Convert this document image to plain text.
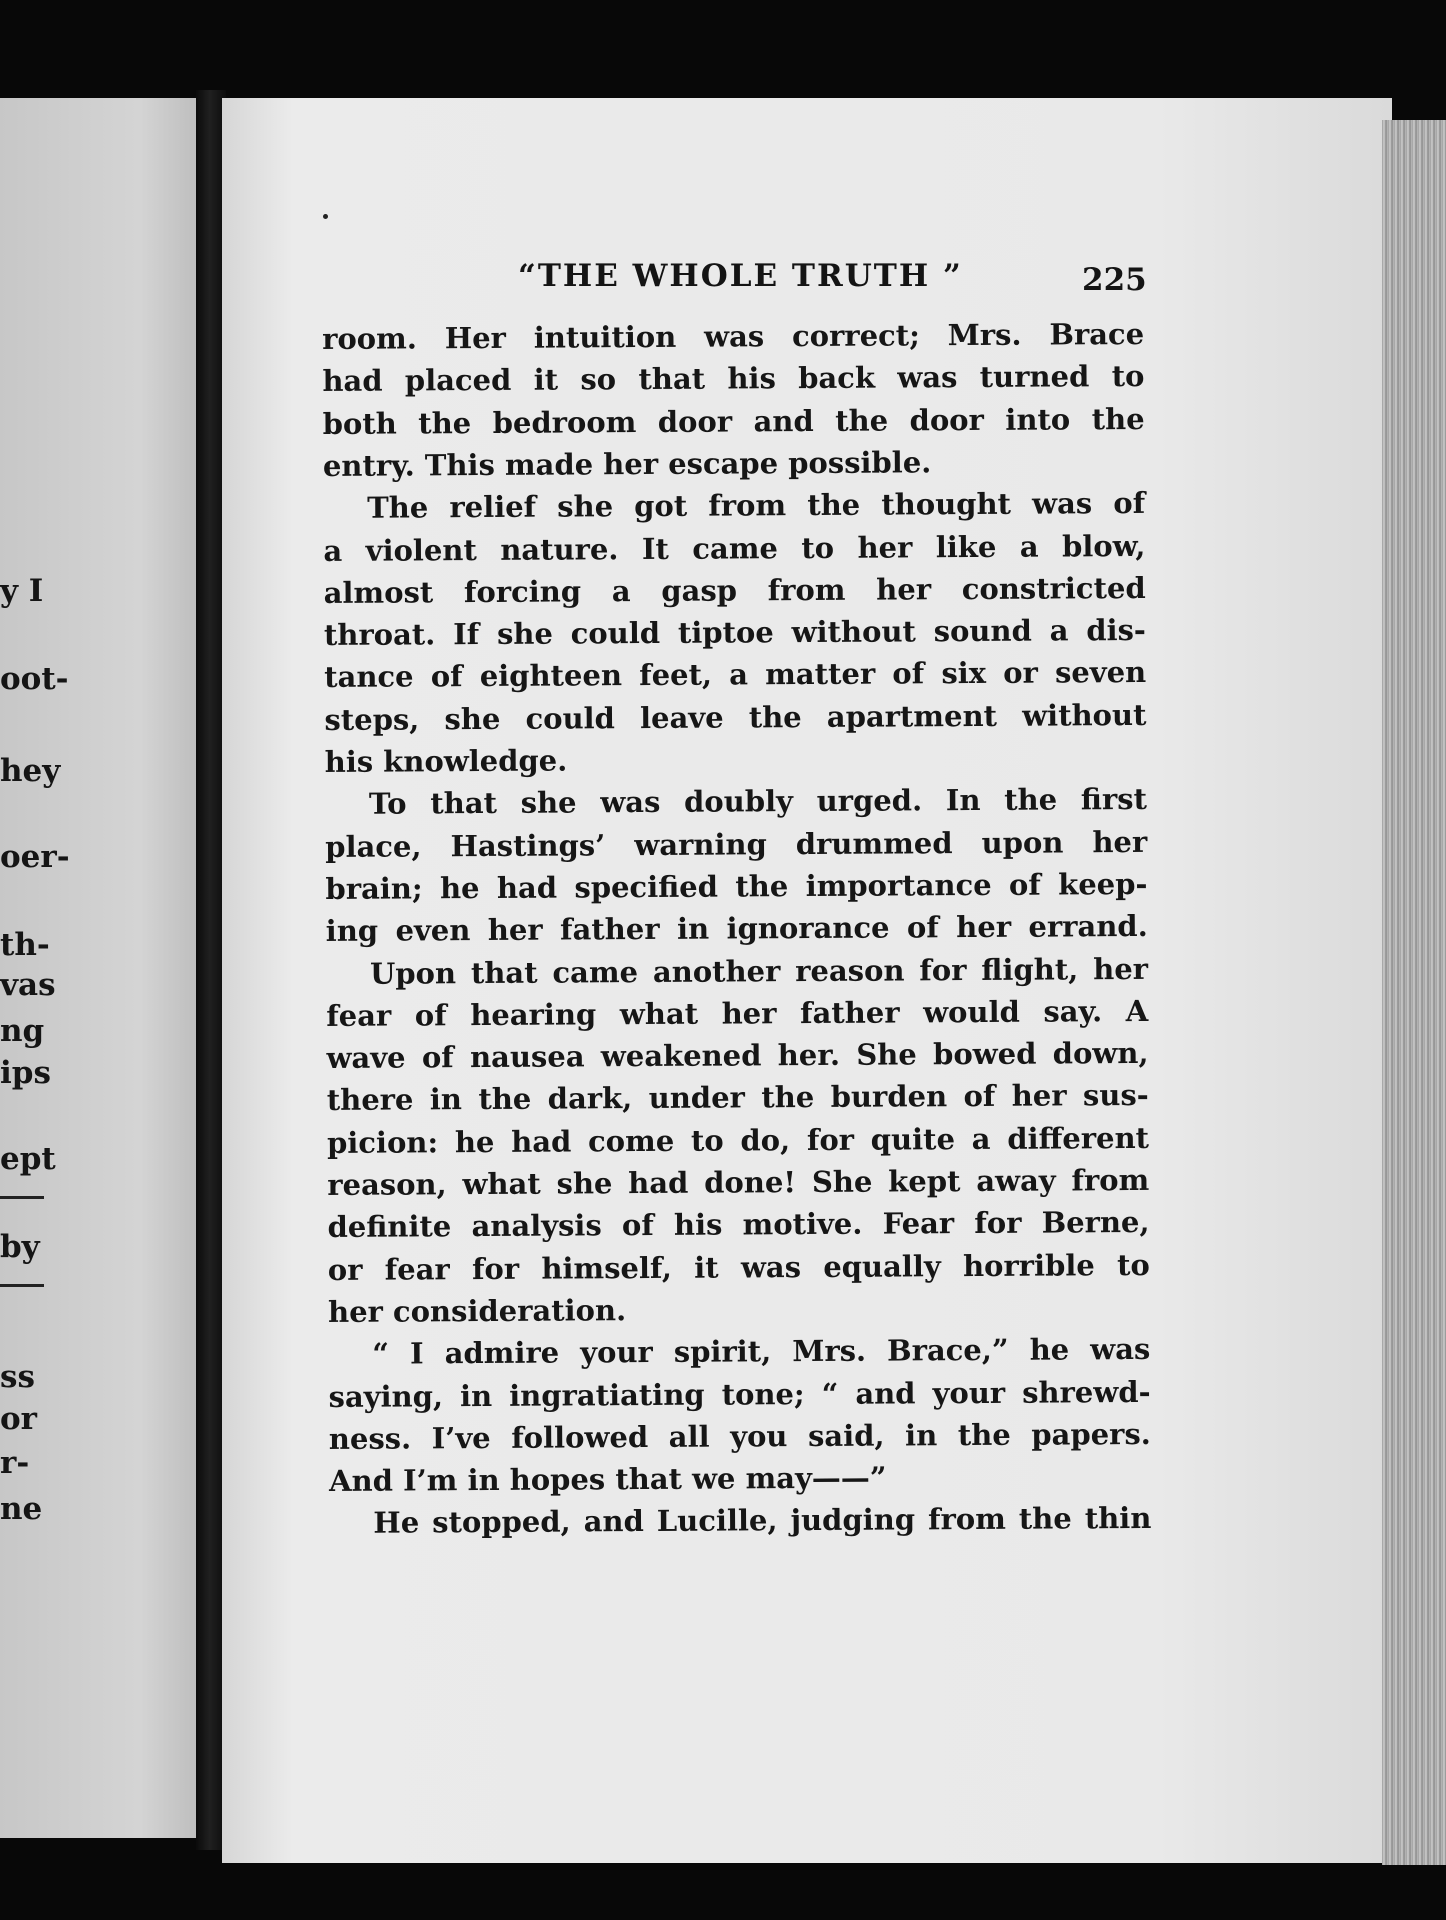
“THE WHOLE TRUTH ”	225
y I
oot-
hey
oer-
th-
vas
ng
ips
ept
by
ss
or
r-
ne
room. Her intuition was correct; Mrs. Brace
had placed it so that his back was turned to
both the bedroom door and the door into the
entry. This made her escape possible.
The relief she got from the thought was of
a violent nature. It came to her like a blow,
almost forcing a gasp from her constricted
throat. If she could tiptoe without sound a dis-
tance of eighteen feet, a matter of six or seven
steps, she could leave the apartment without
his knowledge.
To that she was doubly urged. In the first
place, Hastings’ warning drummed upon her
brain; he had specified the importance of keep-
ing even her father in ignorance of her errand.
Upon that came another reason for flight, her
fear of hearing what her father would say. A
wave of nausea weakened her. She bowed down,
there in the dark, under the burden of her sus-
picion: he had come to do, for quite a different
reason, what she had done! She kept away from
definite analysis of his motive. Fear for Berne,
or fear for himself, it was equally horrible to
her consideration.
“ I admire your spirit, Mrs. Brace,” he was
saying, in ingratiating tone; “ and your shrewd-
ness. I’ve followed all you said, in the papers.
And I’m in hopes that we may——”
He stopped, and Lucille, judging from the thin
